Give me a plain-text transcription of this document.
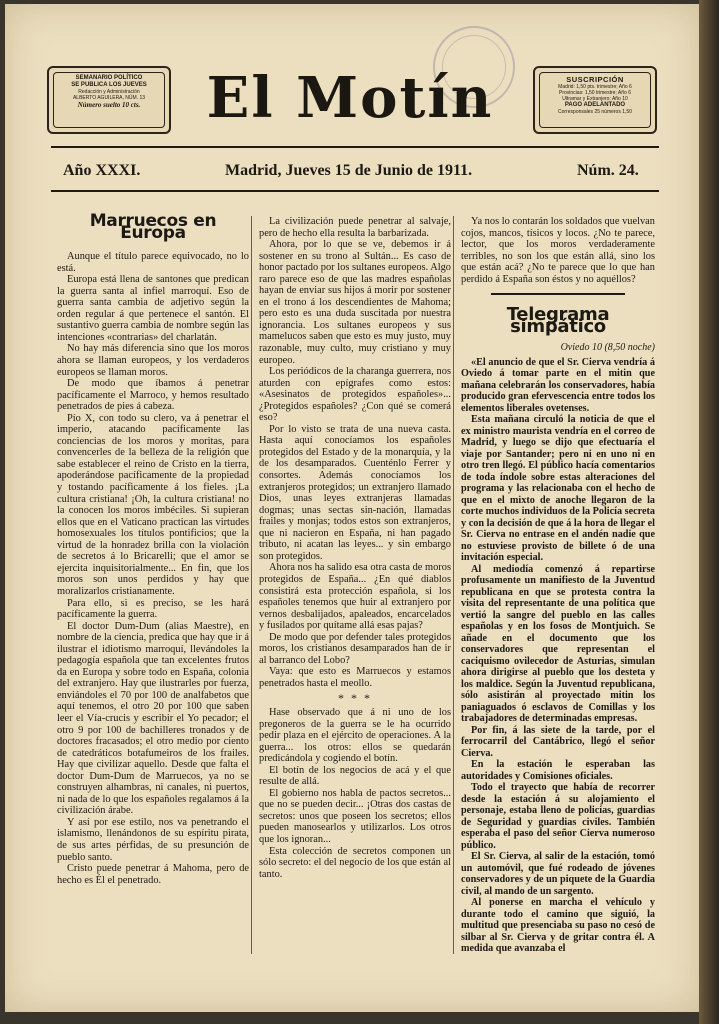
SEMANARIO POLÍTICO
SE PUBLICA LOS JUEVES
Redacción y Administración
ALBERTO AGUILERA, NÚM. 13
Número suelto 10 cts.	El Motín	SUSCRIPCIÓN
Madrid: 1,50 pts. trimestre; Año 6
Provincias: 1,50 trimestre; Año 6
Ultramar y Extranjero: Año 10
PAGO ADELANTADO
Corresponsales 25 números 1,50
Año XXXI.	Madrid, Jueves 15 de Junio de 1911.	Núm. 24.
Marruecos en Europa

Aunque el título parece equivocado, no lo está.

Europa está llena de santones que predican la guerra santa al infiel marroquí. Eso de guerra santa cambia de adjetivo según la orden regular á que pertenece el santón. El sustantivo guerra cambia de nombre según las intenciones «contrarias» del charlatán.

No hay más diferencia sino que los moros ahora se llaman europeos, y los verdaderos europeos se llaman moros.

De modo que íbamos á penetrar pacíficamente el Marroco, y hemos resultado penetrados de pies á cabeza.

Pío X, con todo su clero, va á penetrar el imperio, atacando pacíficamente las conciencias de los moros y moritas, para convencerles de la belleza de la religión que sabe establecer el reino de Cristo en la tierra, apoderándose pacíficamente de la propiedad y tostando pacíficamente á los fieles. ¡La cultura cristiana! ¡Oh, la cultura cristiana! no la conocen los moros imbéciles. Si supieran ellos que en el Vaticano practican las virtudes homosexuales los títulos pontificios; que la virtud de la honradez brilla con la violación de secretos á lo Bricarelli; que el amor se ejercita inquisitorialmente... En fin, que los moros son unos perdidos y hay que moralizarlos cristianamente.

Para ello, si es preciso, se les hará pacíficamente la guerra.

El doctor Dum-Dum (alias Maestre), en nombre de la ciencia, predica que hay que ir á ilustrar el idiotismo marroquí, llevándoles la pedagogía española que tan excelentes frutos da en Europa y sobre todo en España, colonia del extranjero. Hay que ilustrarles por fuerza, enviándoles el 70 por 100 de analfabetos que aquí tenemos, el otro 20 por 100 que saben leer el Vía-crucis y escribir el Yo pecador; el otro 9 por 100 de bachilleres tronados y de doctores fracasados; el otro medio por ciento de catedráticos botafumeiros de los frailes. Hay que civilizar aquello. Desde que falta el doctor Dum-Dum de Marruecos, ya no se construyen alhambras, ni canales, ni puertos, ni nada de lo que los españoles regalamos á la civilización árabe.

Y así por ese estilo, nos va penetrando el islamismo, llenándonos de su espíritu pirata, de sus artes pérfidas, de su presunción de pueblo santo.

Cristo puede penetrar á Mahoma, pero de hecho es Él el penetrado.

La civilización puede penetrar al salvaje, pero de hecho ella resulta la barbarizada.

Ahora, por lo que se ve, debemos ir á sostener en su trono al Sultán... Es caso de honor pactado por los sultanes europeos. Algo raro parece eso de que las madres españolas hayan de enviar sus hijos á morir por sostener en el trono á los descendientes de Mahoma; pero esto es una duda suscitada por nuestra ignorancia. Los sultanes europeos y sus mamelucos saben que esto es muy justo, muy razonable, muy culto, muy cristiano y muy europeo.

Los periódicos de la charanga guerrera, nos aturden con epígrafes como estos: «Asesinatos de protegidos españoles»... ¿Protegidos españoles? ¿Con qué se comerá eso?

Por lo visto se trata de una nueva casta. Hasta aquí conocíamos los españoles protegidos del Estado y de la monarquía, y la de los desamparados. Cuenténlo Ferrer y consortes. Además conocíamos los extranjeros protegidos; un extranjero llamado Dios, unas leyes extranjeras llamadas dogmas; unas sectas sin-nación, llamadas frailes y monjas; todos estos son extranjeros, que ni nacieron en España, ni han pagado tributo, ni acatan las leyes... y sin embargo son protegidos.

Ahora nos ha salido esa otra casta de moros protegidos de España... ¿En qué diablos consistirá esta protección española, si los españoles tenemos que huir al extranjero por vernos desbalijados, apaleados, encarcelados y fusilados por quítame allá esas pajas?

De modo que por defender tales protegidos moros, los cristianos desamparados han de ir al barranco del Lobo?

Vaya: que esto es Marruecos y estamos penetrados hasta el meollo.

* * *

Hase observado que á ni uno de los pregoneros de la guerra se le ha ocurrido pedir plaza en el ejército de operaciones. A la guerra... los otros: ellos se quedarán predicándola y cogiendo el botín.

El botín de los negocios de acá y el que resulte de allá.

El gobierno nos habla de pactos secretos... que no se pueden decir... ¡Otras dos castas de secretos: unos que poseen los secretos; ellos pueden manosearlos y utilizarlos. Los otros que los ignoran...

Esta colección de secretos componen un sólo secreto: el del negocio de los que están al tanto.

Ya nos lo contarán los soldados que vuelvan cojos, mancos, tísicos y locos. ¿No te parece, lector, que los moros verdaderamente terribles, no son los que están allá, sino los que están acá? ¿No te parece que lo que han perdido á España son éstos y no aquéllos?

Telegrama simpático
Oviedo 10 (8,50 noche)

«El anuncio de que el Sr. Cierva vendría á Oviedo á tomar parte en el mitin que mañana celebrarán los conservadores, había producido gran efervescencia entre todos los elementos liberales ovetenses.

Esta mañana circuló la noticia de que el ex ministro maurista vendría en el correo de Madrid, y luego se dijo que efectuaría el viaje por Santander; pero ni en uno ni en otro tren llegó. El público hacía comentarios de toda índole sobre estas alteraciones del programa y las relacionaba con el hecho de que en el mixto de anoche llegaron de la corte muchos individuos de la Policía secreta y con la decisión de que á la hora de llegar el Sr. Cierva no entrase en el andén nadie que no estuviese provisto de billete ó de una invitación especial.

Al mediodía comenzó á repartirse profusamente un manifiesto de la Juventud republicana en que se protesta contra la visita del representante de una política que vertió la sangre del pueblo en las calles españolas y en los fosos de Montjuich. Se añade en el documento que los conservadores que representan el caciquismo ovilecedor de Asturias, simulan ahora dirigirse al pueblo que los desteta y los maldice. Según la Juventud republicana, sólo asistirán al proyectado mitin los paniaguados ó esclavos de Comillas y los trabajadores de determinadas empresas.

Por fin, á las siete de la tarde, por el ferrocarril del Cantábrico, llegó el señor Cierva.

En la estación le esperaban las autoridades y Comisiones oficiales.

Todo el trayecto que había de recorrer desde la estación á su alojamiento el personaje, estaba lleno de policías, guardias de Seguridad y guardias civiles. También esperaba el paso del señor Cierva numeroso público.

El Sr. Cierva, al salir de la estación, tomó un automóvil, que fué rodeado de jóvenes conservadores y de un piquete de la Guardia civil, al mando de un sargento.

Al ponerse en marcha el vehículo y durante todo el camino que siguió, la multitud que presenciaba su paso no cesó de silbar al Sr. Cierva y de gritar contra él. A medida que avanzaba el
